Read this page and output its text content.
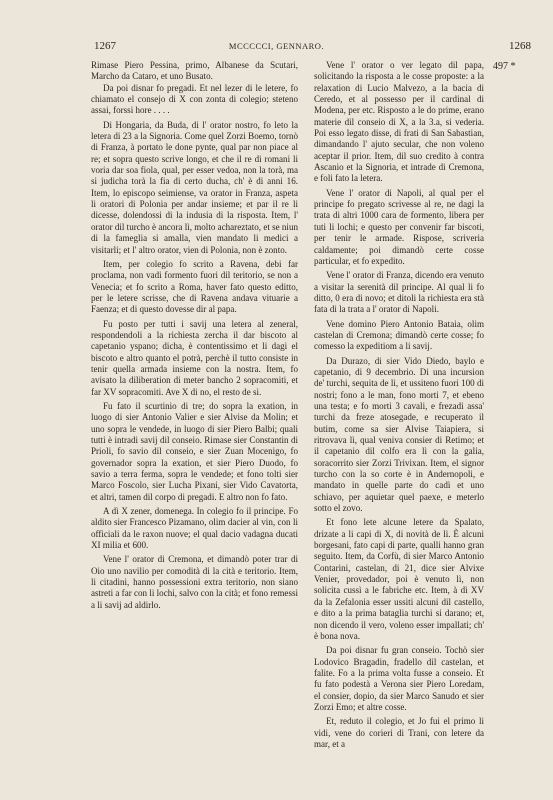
1267	MCCCCCI, GENNARO.	1268
497 *

Rimase Piero Pessina, primo, Albanese da Scutari, Marcho da Cataro, et uno Busato.

Da poi disnar fo pregadi. Et nel lezer di le letere, fo chiamato el consejo di X con zonta di colegio; steteno assai, forssi hore . . . .

Di Hongaria, da Buda, di l' orator nostro, fo leto la letera di 23 a la Signoria. Come quel Zorzi Boemo, tornò di Franza, à portato le done pynte, qual par non piace al re; et sopra questo scrive longo, et che il re di romani li voria dar soa fiola, qual, per esser vedoa, non la torà, ma si judicha torà la fia di certo ducha, ch' è di anni 16. Item, lo episcopo seimiense, va orator in Franza, aspeta li oratori di Polonia per andar insieme; et par il re li dicesse, dolendossi di la indusia di la risposta. Item, l' orator dil turcho è ancora lì, molto achareztato, et se niun di la fameglia si amalla, vien mandato li medici a visitarli; et l' altro orator, vien di Polonia, non è zonto.

Item, per colegio fo scrito a Ravena, debi far proclama, non vadi formento fuori dil teritorio, se non a Venecia; et fo scrito a Roma, haver fato questo editto, per le letere scrisse, che di Ravena andava vituarie a Faenza; et di questo dovesse dir al papa.

Fu posto per tutti i savij una letera al zeneral, respondendoli a la richiesta zercha il dar biscoto al capetanio yspano; dicha, è contentissimo et li dagi el biscoto e altro quanto el potrà, perchè il tutto consiste in tenir quella armada insieme con la nostra. Item, fo avisato la diliberation di meter bancho 2 sopracomiti, et far XV sopracomiti. Ave X di no, el resto de sì.

Fu fato il scurtinio di tre; do sopra la exation, in luogo di sier Antonio Valier e sier Alvise da Molin; et uno sopra le vendede, in luogo di sier Piero Balbi; quali tutti è intradi savij dil conseio. Rimase sier Constantin di Prioli, fo savio dil conseio, e sier Zuan Mocenigo, fo governador sopra la exation, et sier Piero Duodo, fo savio a terra ferma, sopra le vendede; et fono tolti sier Marco Foscolo, sier Lucha Pixani, sier Vido Cavatorta, et altri, tamen dil corpo di pregadi. E altro non fo fato.

A dì X zener, domenega. In colegio fo il principe. Fo aldito sier Francesco Pizamano, olim dacier al vin, con li officiali da le raxon nuove; el qual dacio vadagna ducati XI milia et 600.

Vene l' orator di Cremona, et dimandò poter trar di Oio uno navilio per comodità di la cità e teritorio. Item, li citadini, hanno possessioni extra teritorio, non siano astreti a far con li lochi, salvo con la cità; et fono remessi a li savij ad aldirlo.

Vene l' orator o ver legato dil papa, solicitando la risposta a le cosse proposte: a la relaxation di Lucio Malvezo, a la bacia di Ceredo, et al possesso per il cardinal di Modena, per etc. Risposto a le do prime, erano materie dil conseio di X, a la 3.a, si vederia. Poi esso legato disse, di frati di San Sabastian, dimandando l' ajuto secular, che non voleno aceptar il prior. Item, dil suo credito à contra Ascanio et la Signoria, et intrade di Cremona, e foli fato la letera.

Vene l' orator di Napoli, al qual per el principe fo pregato scrivesse al re, ne dagi la trata di altri 1000 cara de formento, libera per tuti li lochi; e questo per convenir far biscoti, per tenir le armade. Rispose, scriveria caldamente; poi dimandò certe cosse particular, et fo expedito.

Vene l' orator di Franza, dicendo era venuto a visitar la serenità dil principe. Al qual li fo ditto, 0 era di novo; et ditoli la richiesta era stà fata di la trata a l' orator di Napoli.

Vene domino Piero Antonio Bataia, olim castelan di Cremona; dimandò certe cosse; fo comesso la expeditiom a li savij.

Da Durazo, di sier Vido Diedo, baylo e capetanio, di 9 decembrio. Di una incursion de' turchi, sequita de lì, et ussiteno fuori 100 di nostri; fono a le man, fono morti 7, et ebeno una testa; e fo morti 3 cavali, e frezadi assa' turchi da freze atosegade, e recuperato il butim, come sa sier Alvise Taiapiera, si ritrovava lì, qual veniva consier di Retimo; et il capetanio dil colfo era lì con la galia, soracorrito sier Zorzi Trivixan. Item, el signor turcho con la so corte è in Andernopoli, e mandato in quelle parte do cadì et uno schiavo, per aquietar quel paexe, e meterlo sotto el zovo.

Et fono lete alcune letere da Spalato, drizate a li capi di X, di novità de lì. È alcuni borgesani, fato capi di parte, qualli hanno gran seguito. Item, da Corfù, di sier Marco Antonio Contarini, castelan, di 21, dice sier Alvixe Venier, provedador, poi è venuto lì, non solicita cussì a le fabriche etc. Item, à dì XV da la Zefalonia esser ussiti alcuni dil castello, e dito a la prima bataglia turchi si darano; et, non dicendo il vero, voleno esser impallati; ch' è bona nova.

Da poi disnar fu gran conseio. Tochò sier Lodovico Bragadin, fradello dil castelan, et falite. Fo a la prima volta fusse a conseio. Et fu fato podestà a Verona sier Piero Loredam, el consier, dopio, da sier Marco Sanudo et sier Zorzi Emo; et altre cosse.

Et, reduto il colegio, et Jo fui el primo li vidi, vene do corieri di Trani, con letere da mar, et a
